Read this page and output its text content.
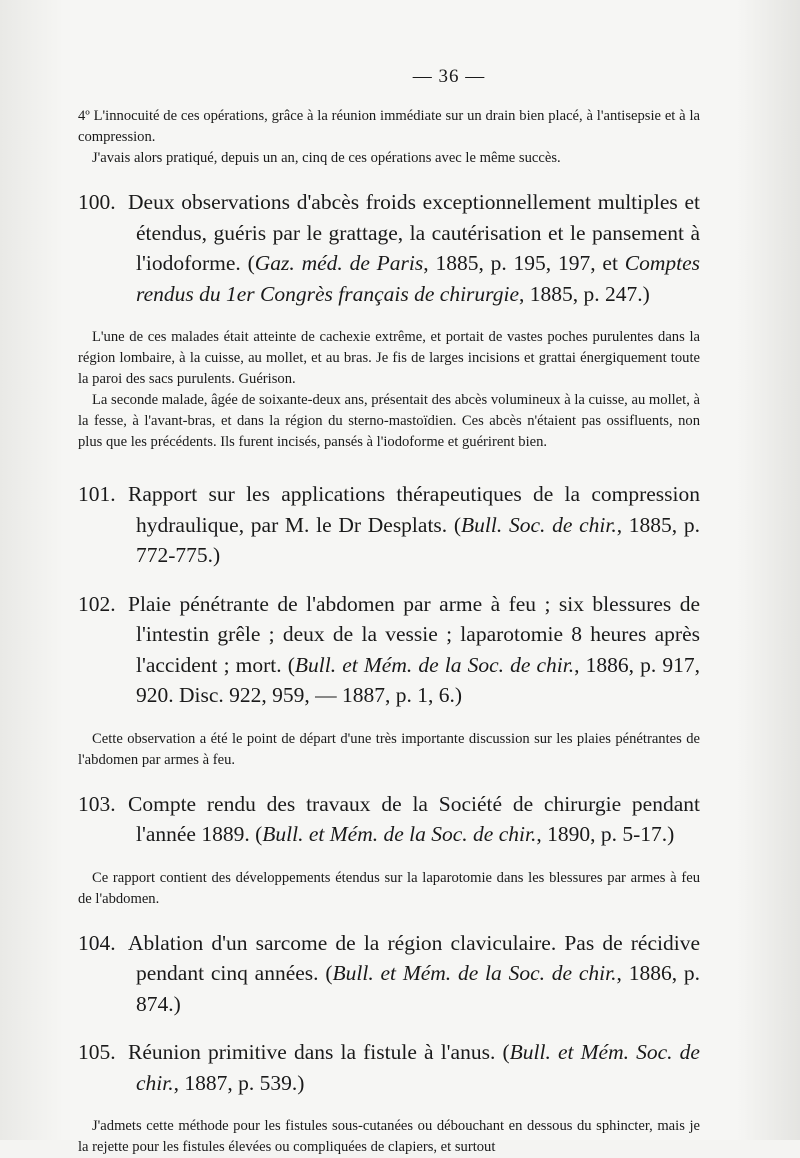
— 36 —

4º L'innocuité de ces opérations, grâce à la réunion immédiate sur un drain bien placé, à l'antisepsie et à la compression.

J'avais alors pratiqué, depuis un an, cinq de ces opérations avec le même succès.

100. Deux observations d'abcès froids exceptionnellement multiples et étendus, guéris par le grattage, la cautérisation et le pansement à l'iodoforme. (Gaz. méd. de Paris, 1885, p. 195, 197, et Comptes rendus du 1er Congrès français de chirurgie, 1885, p. 247.)

L'une de ces malades était atteinte de cachexie extrême, et portait de vastes poches purulentes dans la région lombaire, à la cuisse, au mollet, et au bras. Je fis de larges incisions et grattai énergiquement toute la paroi des sacs purulents. Guérison.

La seconde malade, âgée de soixante-deux ans, présentait des abcès volumineux à la cuisse, au mollet, à la fesse, à l'avant-bras, et dans la région du sterno-mastoïdien. Ces abcès n'étaient pas ossifluents, non plus que les précédents. Ils furent incisés, pansés à l'iodoforme et guérirent bien.

101. Rapport sur les applications thérapeutiques de la compression hydraulique, par M. le Dr Desplats. (Bull. Soc. de chir., 1885, p. 772-775.)

102. Plaie pénétrante de l'abdomen par arme à feu ; six blessures de l'intestin grêle ; deux de la vessie ; laparotomie 8 heures après l'accident ; mort. (Bull. et Mém. de la Soc. de chir., 1886, p. 917, 920. Disc. 922, 959, — 1887, p. 1, 6.)

Cette observation a été le point de départ d'une très importante discussion sur les plaies pénétrantes de l'abdomen par armes à feu.

103. Compte rendu des travaux de la Société de chirurgie pendant l'année 1889. (Bull. et Mém. de la Soc. de chir., 1890, p. 5-17.)

Ce rapport contient des développements étendus sur la laparotomie dans les blessures par armes à feu de l'abdomen.

104. Ablation d'un sarcome de la région claviculaire. Pas de récidive pendant cinq années. (Bull. et Mém. de la Soc. de chir., 1886, p. 874.)

105. Réunion primitive dans la fistule à l'anus. (Bull. et Mém. Soc. de chir., 1887, p. 539.)

J'admets cette méthode pour les fistules sous-cutanées ou débouchant en dessous du sphincter, mais je la rejette pour les fistules élevées ou compliquées de clapiers, et surtout
